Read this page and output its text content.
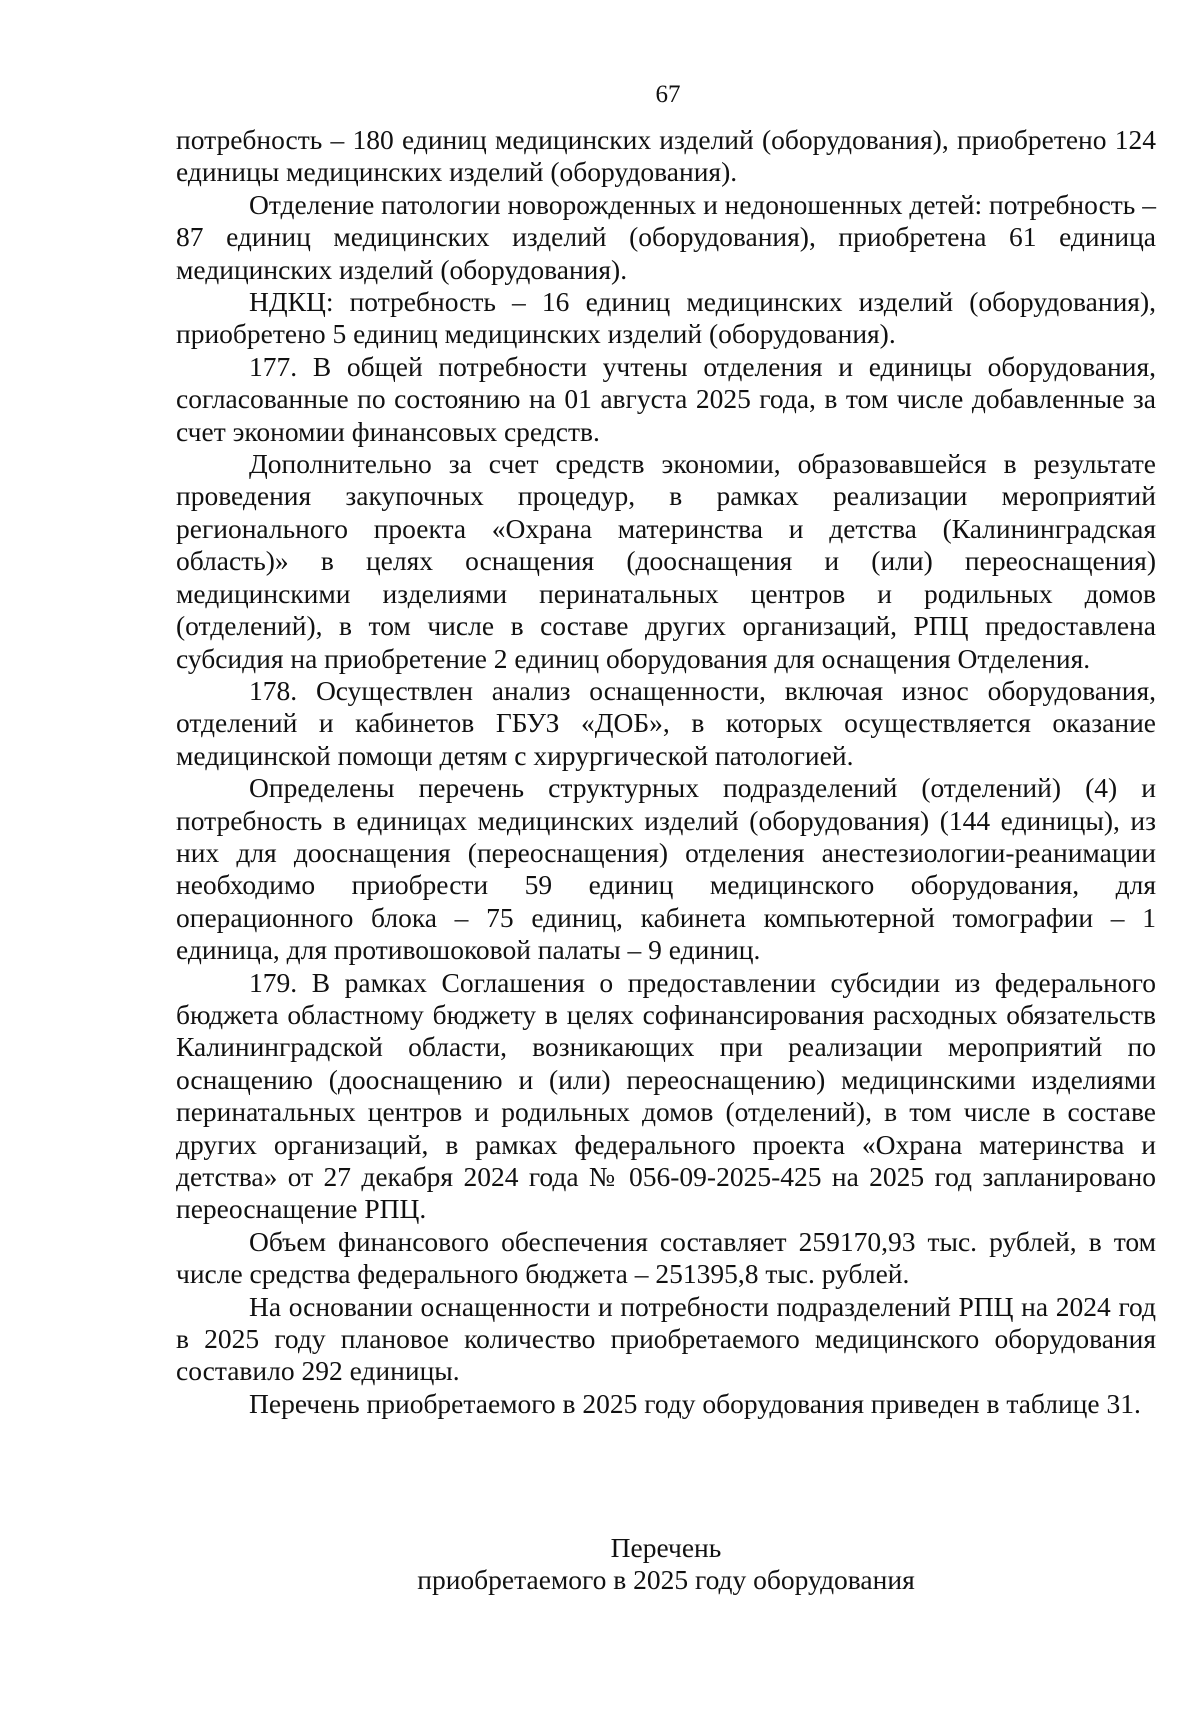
67

потребность – 180 единиц медицинских изделий (оборудования), приобретено 124 единицы медицинских изделий (оборудования).

Отделение патологии новорожденных и недоношенных детей: потребность – 87 единиц медицинских изделий (оборудования), приобретена 61 единица медицинских изделий (оборудования).

НДКЦ: потребность – 16 единиц медицинских изделий (оборудования), приобретено 5 единиц медицинских изделий (оборудования).

177. В общей потребности учтены отделения и единицы оборудования, согласованные по состоянию на 01 августа 2025 года, в том числе добавленные за счет экономии финансовых средств.

Дополнительно за счет средств экономии, образовавшейся в результате проведения закупочных процедур, в рамках реализации мероприятий регионального проекта «Охрана материнства и детства (Калининградская область)» в целях оснащения (дооснащения и (или) переоснащения) медицинскими изделиями перинатальных центров и родильных домов (отделений), в том числе в составе других организаций, РПЦ предоставлена субсидия на приобретение 2 единиц оборудования для оснащения Отделения.

178. Осуществлен анализ оснащенности, включая износ оборудования, отделений и кабинетов ГБУЗ «ДОБ», в которых осуществляется оказание медицинской помощи детям с хирургической патологией.

Определены перечень структурных подразделений (отделений) (4) и потребность в единицах медицинских изделий (оборудования) (144 единицы), из них для дооснащения (переоснащения) отделения анестезиологии-реанимации необходимо приобрести 59 единиц медицинского оборудования, для операционного блока – 75 единиц, кабинета компьютерной томографии – 1 единица, для противошоковой палаты – 9 единиц.

179. В рамках Соглашения о предоставлении субсидии из федерального бюджета областному бюджету в целях софинансирования расходных обязательств Калининградской области, возникающих при реализации мероприятий по оснащению (дооснащению и (или) переоснащению) медицинскими изделиями перинатальных центров и родильных домов (отделений), в том числе в составе других организаций, в рамках федерального проекта «Охрана материнства и детства» от 27 декабря 2024 года № 056-09-2025-425 на 2025 год запланировано переоснащение РПЦ.

Объем финансового обеспечения составляет 259170,93 тыс. рублей, в том числе средства федерального бюджета – 251395,8 тыс. рублей.

На основании оснащенности и потребности подразделений РПЦ на 2024 год в 2025 году плановое количество приобретаемого медицинского оборудования составило 292 единицы.

Перечень приобретаемого в 2025 году оборудования приведен в таблице 31.

Перечень
приобретаемого в 2025 году оборудования
